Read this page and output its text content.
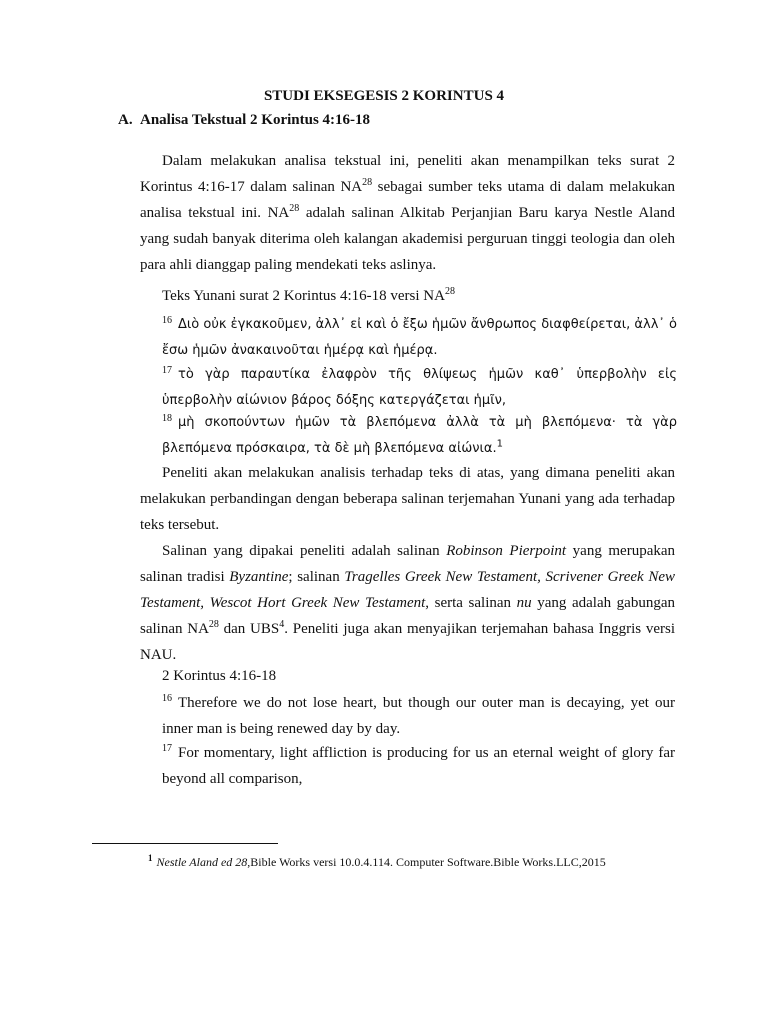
STUDI EKSEGESIS 2 KORINTUS 4
A. Analisa Tekstual 2 Korintus 4:16-18
Dalam melakukan analisa tekstual ini, peneliti akan menampilkan teks surat 2 Korintus 4:16-17 dalam salinan NA$^{28}$ sebagai sumber teks utama di dalam melakukan analisa tekstual ini. NA$^{28}$ adalah salinan Alkitab Perjanjian Baru karya Nestle Aland yang sudah banyak diterima oleh kalangan akademisi perguruan tinggi teologia dan oleh para ahli dianggap paling mendekati teks aslinya.
Teks Yunani surat 2 Korintus 4:16-18 versi NA$^{28}$
$^{16}$ Διὸ οὐκ ἐγκακοῦμεν, ἀλλ᾽ εἰ καὶ ὁ ἔξω ἡμῶν ἄνθρωπος διαφθείρεται, ἀλλ᾽ ὁ ἔσω ἡμῶν ἀνακαινοῦται ἡμέρᾳ καὶ ἡμέρᾳ.
$^{17}$ τὸ γὰρ παραυτίκα ἐλαφρὸν τῆς θλίψεως ἡμῶν καθ᾽ ὑπερβολὴν εἰς ὑπερβολὴν αἰώνιον βάρος δόξης κατεργάζεται ἡμῖν,
$^{18}$ μὴ σκοπούντων ἡμῶν τὰ βλεπόμενα ἀλλὰ τὰ μὴ βλεπόμενα· τὰ γὰρ βλεπόμενα πρόσκαιρα, τὰ δὲ μὴ βλεπόμενα αἰώνια.$^1$
Peneliti akan melakukan analisis terhadap teks di atas, yang dimana peneliti akan melakukan perbandingan dengan beberapa salinan terjemahan Yunani yang ada terhadap teks tersebut.
Salinan yang dipakai peneliti adalah salinan Robinson Pierpoint yang merupakan salinan tradisi Byzantine; salinan Tragelles Greek New Testament, Scrivener Greek New Testament, Wescot Hort Greek New Testament, serta salinan nu yang adalah gabungan salinan NA$^{28}$ dan UBS$^4$. Peneliti juga akan menyajikan terjemahan bahasa Inggris versi NAU.
2 Korintus 4:16-18
$^{16}$ Therefore we do not lose heart, but though our outer man is decaying, yet our inner man is being renewed day by day.
$^{17}$ For momentary, light affliction is producing for us an eternal weight of glory far beyond all comparison,
$^1$ Nestle Aland ed 28,Bible Works versi 10.0.4.114. Computer Software.Bible Works.LLC,2015
